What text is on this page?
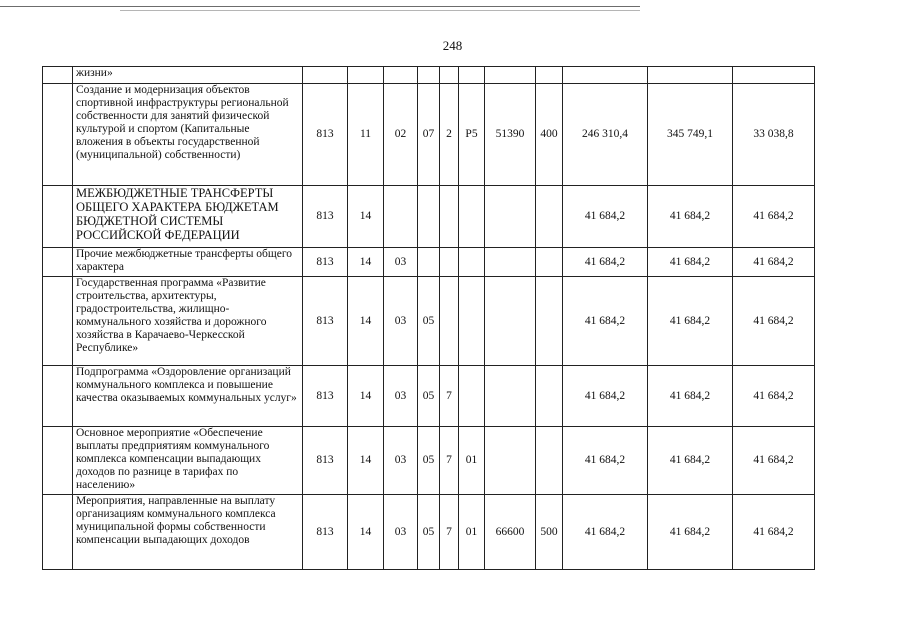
248
	жизни»											
	Создание и модернизация объектов спортивной инфраструктуры региональной собственности для занятий физической культурой и спортом (Капитальные вложения в объекты государственной (муниципальной) собственности)	813	11	02	07	2	Р5	51390	400	246 310,4	345 749,1	33 038,8
	МЕЖБЮДЖЕТНЫЕ ТРАНСФЕРТЫ ОБЩЕГО ХАРАКТЕРА БЮДЖЕТАМ БЮДЖЕТНОЙ СИСТЕМЫ РОССИЙСКОЙ ФЕДЕРАЦИИ	813	14							41 684,2	41 684,2	41 684,2
	Прочие межбюджетные трансферты общего характера	813	14	03						41 684,2	41 684,2	41 684,2
	Государственная программа «Развитие строительства, архитектуры, градостроительства, жилищно-коммунального хозяйства и дорожного хозяйства в Карачаево-Черкесской Республике»	813	14	03	05					41 684,2	41 684,2	41 684,2
	Подпрограмма «Оздоровление организаций коммунального комплекса и повышение качества оказываемых коммунальных услуг»	813	14	03	05	7				41 684,2	41 684,2	41 684,2
	Основное мероприятие «Обеспечение выплаты предприятиям коммунального комплекса компенсации выпадающих доходов по разнице в тарифах по населению»	813	14	03	05	7	01			41 684,2	41 684,2	41 684,2
	Мероприятия, направленные на выплату организациям коммунального комплекса муниципальной формы собственности компенсации выпадающих доходов	813	14	03	05	7	01	66600	500	41 684,2	41 684,2	41 684,2
